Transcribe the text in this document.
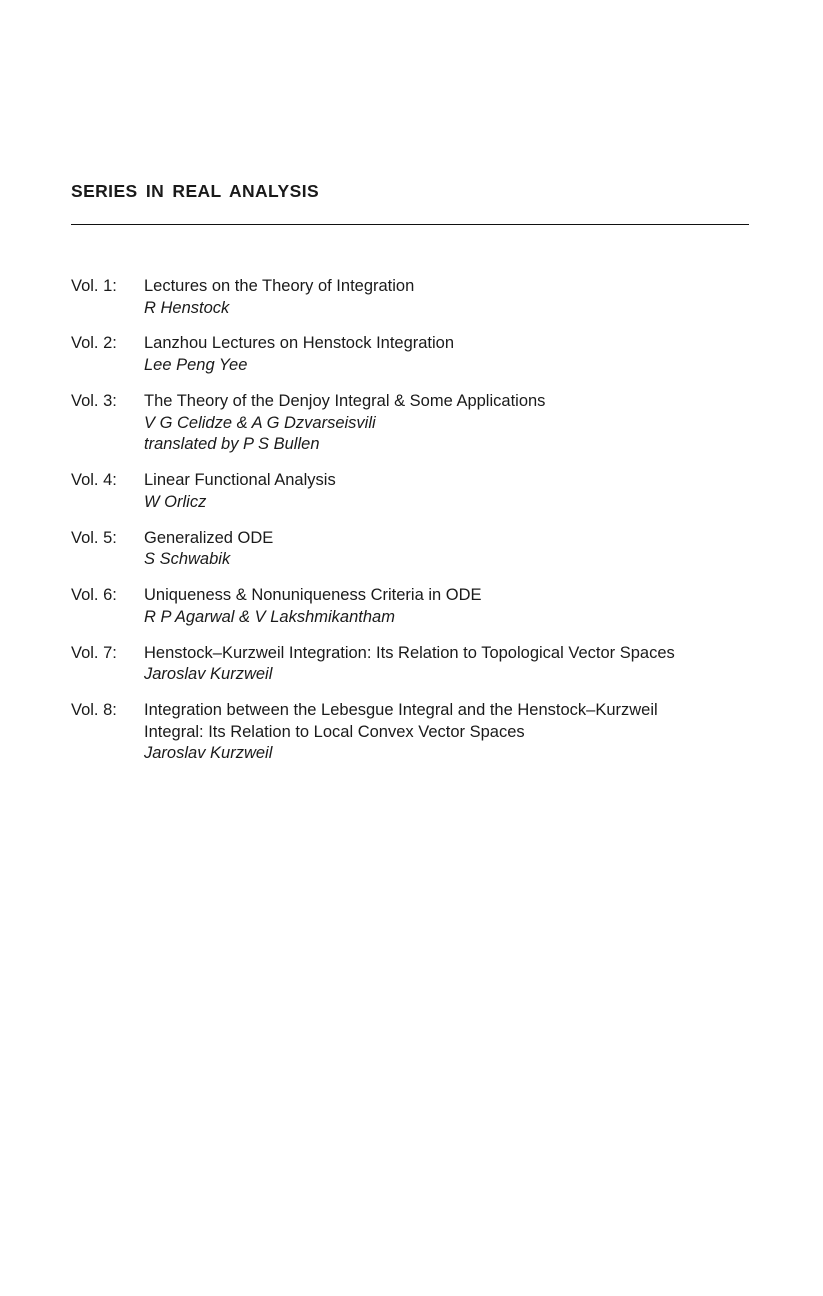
SERIES IN REAL ANALYSIS
Vol. 1:	Lectures on the Theory of Integration
R Henstock
Vol. 2:	Lanzhou Lectures on Henstock Integration
Lee Peng Yee
Vol. 3:	The Theory of the Denjoy Integral & Some Applications
V G Celidze & A G Dzvarseisvili
translated by P S Bullen
Vol. 4:	Linear Functional Analysis
W Orlicz
Vol. 5:	Generalized ODE
S Schwabik
Vol. 6:	Uniqueness & Nonuniqueness Criteria in ODE
R P Agarwal & V Lakshmikantham
Vol. 7:	Henstock–Kurzweil Integration: Its Relation to Topological Vector Spaces
Jaroslav Kurzweil
Vol. 8:	Integration between the Lebesgue Integral and the Henstock–Kurzweil
Integral: Its Relation to Local Convex Vector Spaces
Jaroslav Kurzweil
